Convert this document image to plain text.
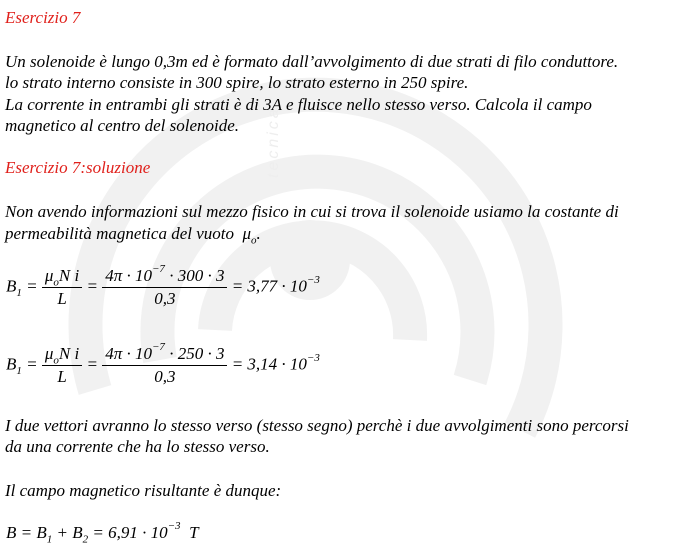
tecnica
Esercizio 7
Un solenoide è lungo 0,3m ed è formato dall’avvolgimento di due strati di filo conduttore.
lo strato interno consiste in 300 spire, lo strato esterno in 250 spire.
La corrente in entrambi gli strati è di 3A e fluisce nello stesso verso. Calcola il campo
magnetico al centro del solenoide.
Esercizio 7:soluzione
Non avendo informazioni sul mezzo fisico in cui si trova il solenoide usiamo la costante di
permeabilità magnetica del vuoto $\mu_o$.
$B_1 = \frac{\mu_oN i}{L} = \frac{4\pi \cdot 10^{-7} \cdot 300 \cdot 3}{0,3} = 3,77 \cdot 10^{-3}$
$B_1 = \frac{\mu_oN i}{L} = \frac{4\pi \cdot 10^{-7} \cdot 250 \cdot 3}{0,3} = 3,14 \cdot 10^{-3}$
I due vettori avranno lo stesso verso (stesso segno) perchè i due avvolgimenti sono percorsi
da una corrente che ha lo stesso verso.
Il campo magnetico risultante è dunque:
$B = B_1 + B_2 = 6,91 \cdot 10^{-3}$ T
